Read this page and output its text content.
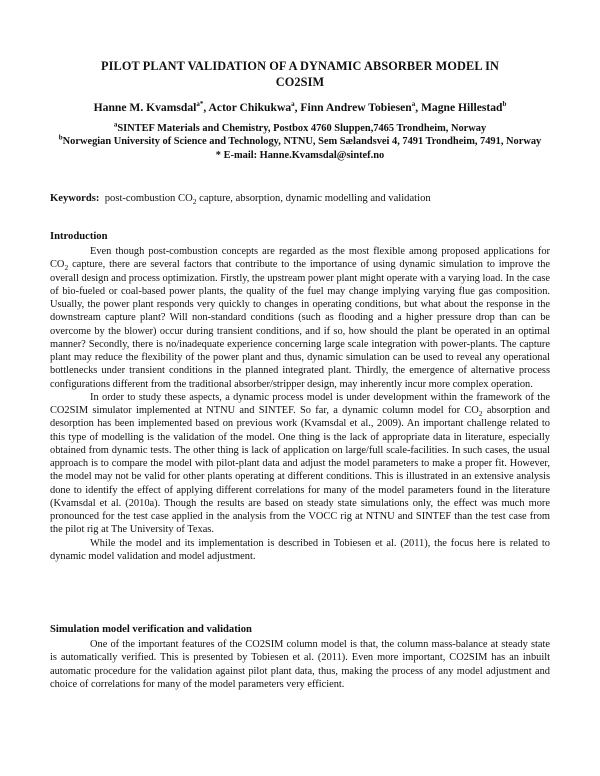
PILOT PLANT VALIDATION OF A DYNAMIC ABSORBER MODEL IN
CO2SIM
Hanne M. Kvamsdal$^{a*}$, Actor Chikukwa$^a$, Finn Andrew Tobiesen$^a$, Magne Hillestad$^b$
$^a$SINTEF Materials and Chemistry, Postbox 4760 Sluppen,7465 Trondheim, Norway
$^b$Norwegian University of Science and Technology, NTNU, Sem Sælandsvei 4, 7491 Trondheim, 7491, Norway
* E-mail: Hanne.Kvamsdal@sintef.no
Keywords: post-combustion $CO_2$ capture, absorption, dynamic modelling and validation
Introduction

Even though post-combustion concepts are regarded as the most flexible among proposed applications for $CO_2$ capture, there are several factors that contribute to the importance of using dynamic simulation to improve the overall design and process optimization. Firstly, the upstream power plant might operate with a varying load. In the case of bio-fueled or coal-based power plants, the quality of the fuel may change implying varying flue gas composition. Usually, the power plant responds very quickly to changes in operating conditions, but what about the response in the downstream capture plant? Will non-standard conditions (such as flooding and a higher pressure drop than can be overcome by the blower) occur during transient conditions, and if so, how should the plant be operated in an optimal manner? Secondly, there is no/inadequate experience concerning large scale integration with power-plants. The capture plant may reduce the flexibility of the power plant and thus, dynamic simulation can be used to reveal any operational bottlenecks under transient conditions in the planned integrated plant. Thirdly, the emergence of alternative process configurations different from the traditional absorber/stripper design, may inherently incur more complex operation.

In order to study these aspects, a dynamic process model is under development within the framework of the CO2SIM simulator implemented at NTNU and SINTEF. So far, a dynamic column model for $CO_2$ absorption and desorption has been implemented based on previous work (Kvamsdal et al., 2009). An important challenge related to this type of modelling is the validation of the model. One thing is the lack of appropriate data in literature, especially obtained from dynamic tests. The other thing is lack of application on large/full scale-facilities. In such cases, the usual approach is to compare the model with pilot-plant data and adjust the model parameters to make a proper fit. However, the model may not be valid for other plants operating at different conditions. This is illustrated in an extensive analysis done to identify the effect of applying different correlations for many of the model parameters found in the literature (Kvamsdal et al. (2010a). Though the results are based on steady state simulations only, the effect was much more pronounced for the test case applied in the analysis from the VOCC rig at NTNU and SINTEF than the test case from the pilot rig at The University of Texas.

While the model and its implementation is described in Tobiesen et al. (2011), the focus here is related to dynamic model validation and model adjustment.

Simulation model verification and validation

One of the important features of the CO2SIM column model is that, the column mass-balance at steady state is automatically verified. This is presented by Tobiesen et al. (2011). Even more important, CO2SIM has an inbuilt automatic procedure for the validation against pilot plant data, thus, making the process of any model adjustment and choice of correlations for many of the model parameters very efficient.
